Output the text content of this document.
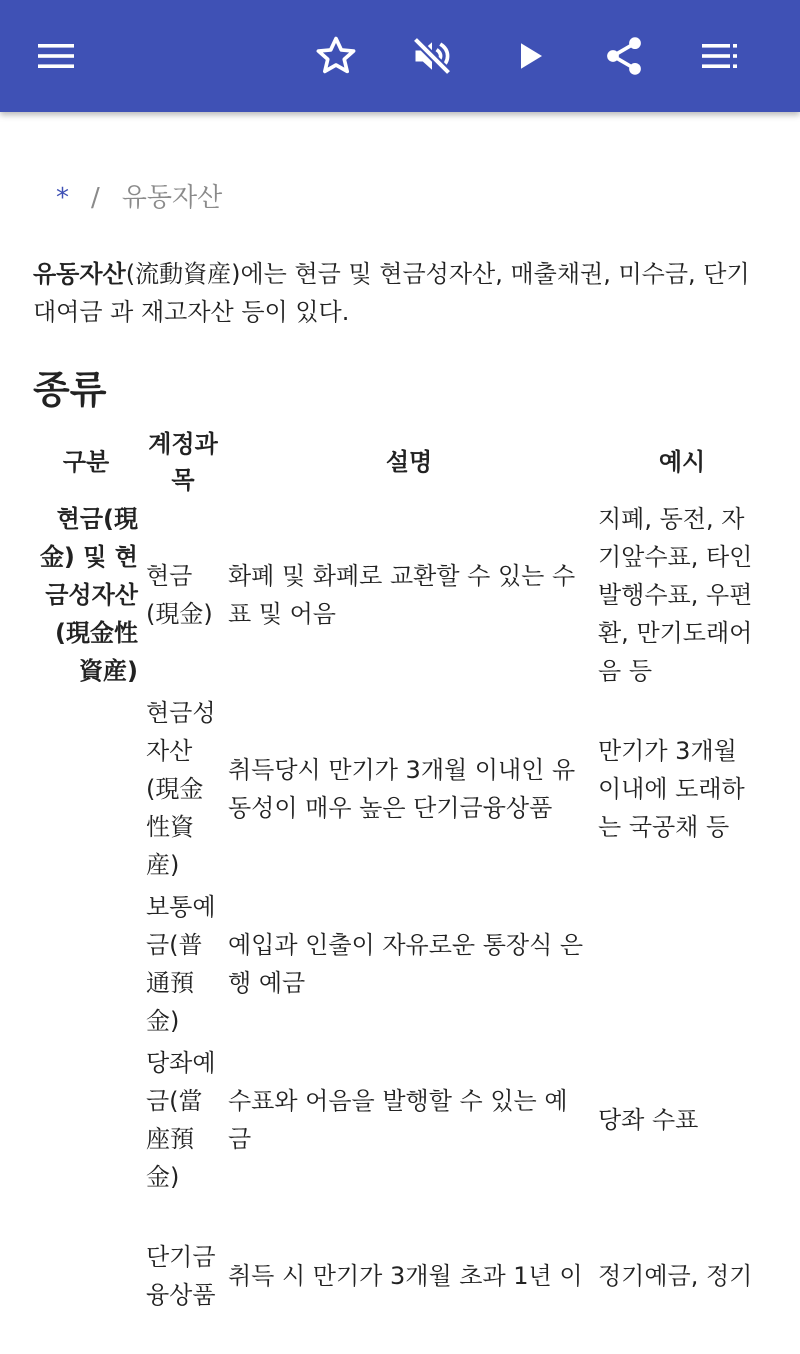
* / 유동자산
유동자산(流動資産)에는 현금 및 현금성자산, 매출채권, 미수금, 단기대여금 과 재고자산 등이 있다.
종류
구분	계정과목	설명	예시
현금(現金) 및 현금성자산(現金性資産)	현금(現金)	화폐 및 화폐로 교환할 수 있는 수표 및 어음	지폐, 동전, 자기앞수표, 타인발행수표, 우편환, 만기도래어음 등
	현금성자산(現金性資産)	취득당시 만기가 3개월 이내인 유동성이 매우 높은 단기금융상품	만기가 3개월 이내에 도래하는 국공채 등
	보통예금(普通預金)	예입과 인출이 자유로운 통장식 은행 예금	
	당좌예금(當座預金)	수표와 어음을 발행할 수 있는 예금	당좌 수표
	단기금융상품	취득 시 만기가 3개월 초과 1년 이	정기예금, 정기
